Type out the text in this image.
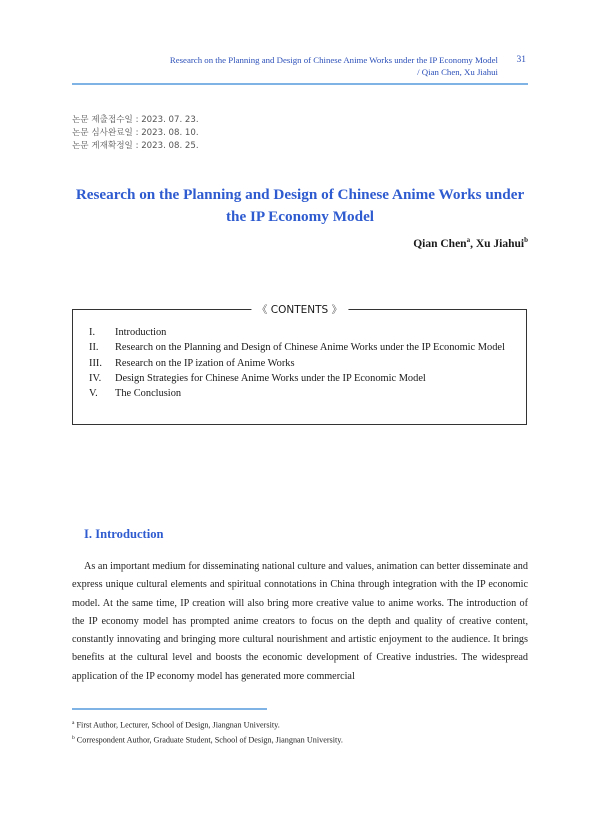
Research on the Planning and Design of Chinese Anime Works under the IP Economy Model 31
/ Qian Chen, Xu Jiahui
논문 제출접수일 : 2023. 07. 23.
논문 심사완료일 : 2023. 08. 10.
논문 게재확정일 : 2023. 08. 25.
Research on the Planning and Design of Chinese Anime Works under the IP Economy Model
Qian Chen$^a$, Xu Jiahui$^b$
《 CONTENTS 》
I.	Introduction
II.	Research on the Planning and Design of Chinese Anime Works under the IP Economic Model
III.	Research on the IP ization of Anime Works
IV.	Design Strategies for Chinese Anime Works under the IP Economic Model
V.	The Conclusion
I. Introduction

As an important medium for disseminating national culture and values, animation can better disseminate and express unique cultural elements and spiritual connotations in China through integration with the IP economic model. At the same time, IP creation will also bring more creative value to anime works. The introduction of the IP economy model has prompted anime creators to focus on the depth and quality of creative content, constantly innovating and bringing more cultural nourishment and artistic enjoyment to the audience. It brings benefits at the cultural level and boosts the economic development of Creative industries. The widespread application of the IP economy model has generated more commercial

$^a$ First Author, Lecturer, School of Design, Jiangnan University.
$^b$ Correspondent Author, Graduate Student, School of Design, Jiangnan University.
